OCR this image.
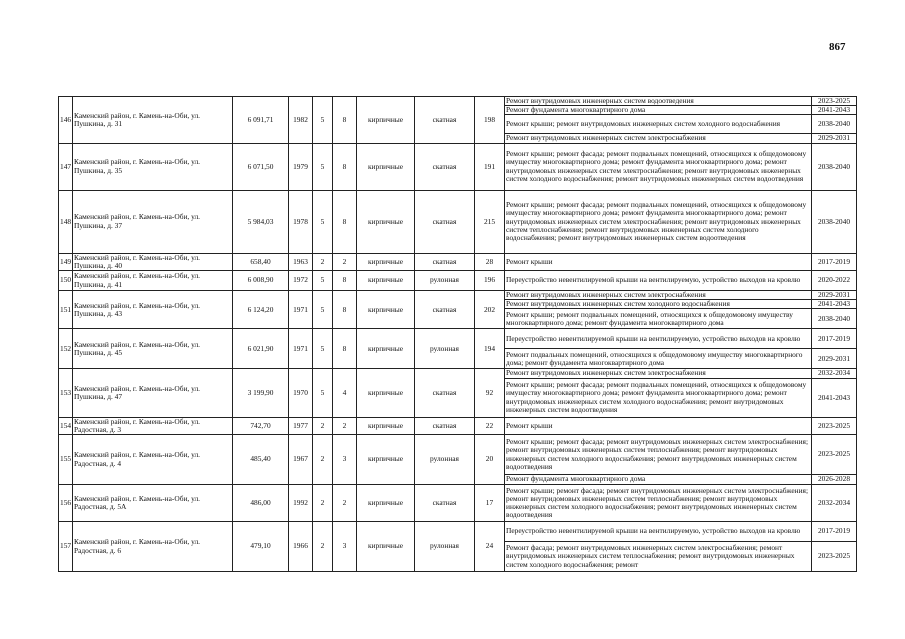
867
146	Каменский район, г. Камень-на-Оби, ул. Пушкина, д. 31	6 091,71	1982	5	8	кирпичные	скатная	198	Ремонт внутридомовых инженерных систем водоотведения	2023-2025
									Ремонт фундамента многоквартирного дома	2041-2043
									Ремонт крыши; ремонт внутридомовых инженерных систем холодного водоснабжения	2038-2040
									Ремонт внутридомовых инженерных систем электроснабжения	2029-2031
147	Каменский район, г. Камень-на-Оби, ул. Пушкина, д. 35	6 071,50	1979	5	8	кирпичные	скатная	191	Ремонт крыши; ремонт фасада; ремонт подвальных помещений, относящихся к общедомовому имуществу многоквартирного дома; ремонт фундамента многоквартирного дома; ремонт внутридомовых инженерных систем электроснабжения; ремонт внутридомовых инженерных систем холодного водоснабжения; ремонт внутридомовых инженерных систем водоотведения	2038-2040
148	Каменский район, г. Камень-на-Оби, ул. Пушкина, д. 37	5 984,03	1978	5	8	кирпичные	скатная	215	Ремонт крыши; ремонт фасада; ремонт подвальных помещений, относящихся к общедомовому имуществу многоквартирного дома; ремонт фундамента многоквартирного дома; ремонт внутридомовых инженерных систем электроснабжения; ремонт внутридомовых инженерных систем теплоснабжения; ремонт внутридомовых инженерных систем холодного водоснабжения; ремонт внутридомовых инженерных систем водоотведения	2038-2040
149	Каменский район, г. Камень-на-Оби, ул. Пушкина, д. 40	658,40	1963	2	2	кирпичные	скатная	28	Ремонт крыши	2017-2019
150	Каменский район, г. Камень-на-Оби, ул. Пушкина, д. 41	6 008,90	1972	5	8	кирпичные	рулонная	196	Переустройство невентилируемой крыши на вентилируемую, устройство выходов на кровлю	2020-2022
151	Каменский район, г. Камень-на-Оби, ул. Пушкина, д. 43	6 124,20	1971	5	8	кирпичные	скатная	202	Ремонт внутридомовых инженерных систем электроснабжения	2029-2031
									Ремонт внутридомовых инженерных систем холодного водоснабжения	2041-2043
									Ремонт крыши; ремонт подвальных помещений, относящихся к общедомовому имуществу многоквартирного дома; ремонт фундамента многоквартирного дома	2038-2040
152	Каменский район, г. Камень-на-Оби, ул. Пушкина, д. 45	6 021,90	1971	5	8	кирпичные	рулонная	194	Переустройство невентилируемой крыши на вентилируемую, устройство выходов на кровлю	2017-2019
									Ремонт подвальных помещений, относящихся к общедомовому имуществу многоквартирного дома; ремонт фундамента многоквартирного дома	2029-2031
153	Каменский район, г. Камень-на-Оби, ул. Пушкина, д. 47	3 199,90	1970	5	4	кирпичные	скатная	92	Ремонт внутридомовых инженерных систем электроснабжения	2032-2034
									Ремонт крыши; ремонт фасада; ремонт подвальных помещений, относящихся к общедомовому имуществу многоквартирного дома; ремонт фундамента многоквартирного дома; ремонт внутридомовых инженерных систем холодного водоснабжения; ремонт внутридомовых инженерных систем водоотведения	2041-2043
154	Каменский район, г. Камень-на-Оби, ул. Радостная, д. 3	742,70	1977	2	2	кирпичные	скатная	22	Ремонт крыши	2023-2025
155	Каменский район, г. Камень-на-Оби, ул. Радостная, д. 4	485,40	1967	2	3	кирпичные	рулонная	20	Ремонт крыши; ремонт фасада; ремонт внутридомовых инженерных систем электроснабжения; ремонт внутридомовых инженерных систем теплоснабжения; ремонт внутридомовых инженерных систем холодного водоснабжения; ремонт внутридомовых инженерных систем водоотведения	2023-2025
									Ремонт фундамента многоквартирного дома	2026-2028
156	Каменский район, г. Камень-на-Оби, ул. Радостная, д. 5А	486,00	1992	2	2	кирпичные	скатная	17	Ремонт крыши; ремонт фасада; ремонт внутридомовых инженерных систем электроснабжения; ремонт внутридомовых инженерных систем теплоснабжения; ремонт внутридомовых инженерных систем холодного водоснабжения; ремонт внутридомовых инженерных систем водоотведения	2032-2034
157	Каменский район, г. Камень-на-Оби, ул. Радостная, д. 6	479,10	1966	2	3	кирпичные	рулонная	24	Переустройство невентилируемой крыши на вентилируемую, устройство выходов на кровлю	2017-2019
									Ремонт фасада; ремонт внутридомовых инженерных систем электроснабжения; ремонт внутридомовых инженерных систем теплоснабжения; ремонт внутридомовых инженерных систем холодного водоснабжения; ремонт	2023-2025
